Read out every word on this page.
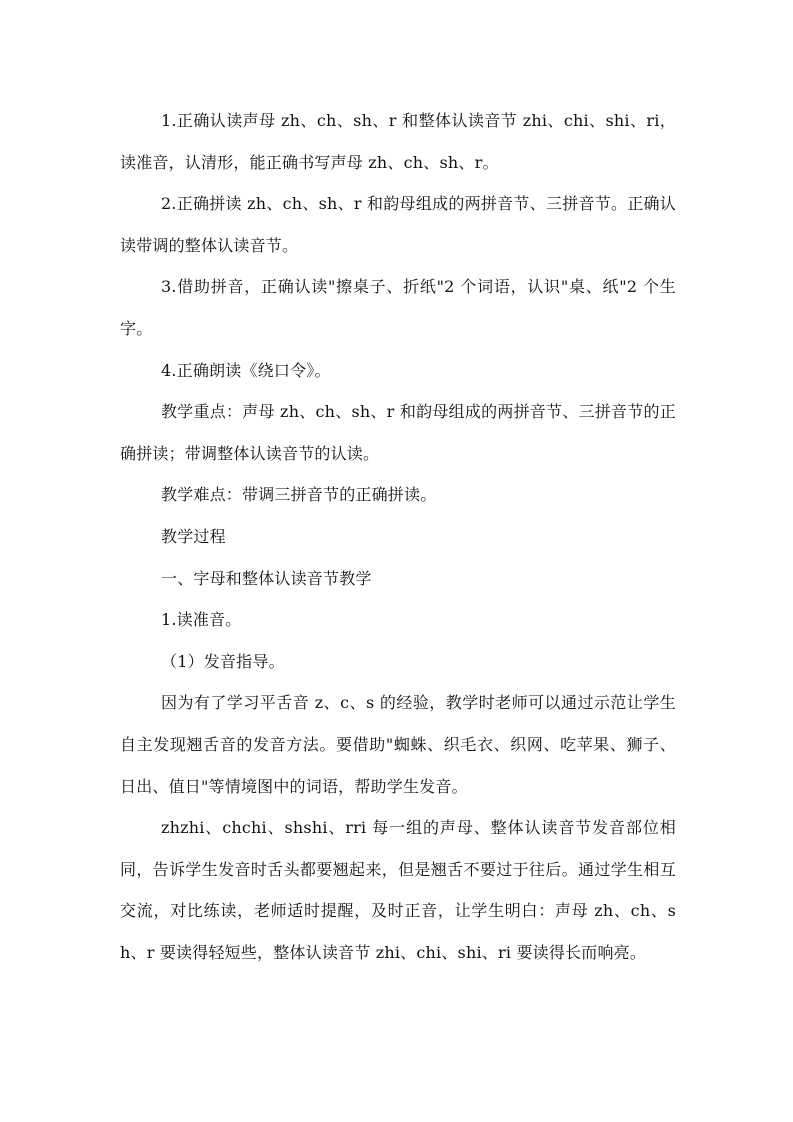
1.正确认读声母 zh、ch、sh、r 和整体认读音节 zhi、chi、shi、ri，读准音，认清形，能正确书写声母 zh、ch、sh、r。

2.正确拼读 zh、ch、sh、r 和韵母组成的两拼音节、三拼音节。正确认读带调的整体认读音节。

3.借助拼音，正确认读"擦桌子、折纸"2 个词语，认识"桌、纸"2 个生字。

4.正确朗读《绕口令》。

教学重点：声母 zh、ch、sh、r 和韵母组成的两拼音节、三拼音节的正确拼读；带调整体认读音节的认读。

教学难点：带调三拼音节的正确拼读。

教学过程

一、字母和整体认读音节教学

1.读准音。

（1）发音指导。

因为有了学习平舌音 z、c、s 的经验，教学时老师可以通过示范让学生自主发现翘舌音的发音方法。要借助"蜘蛛、织毛衣、织网、吃苹果、狮子、日出、值日"等情境图中的词语，帮助学生发音。

zhzhi、chchi、shshi、rri 每一组的声母、整体认读音节发音部位相同，告诉学生发音时舌头都要翘起来，但是翘舌不要过于往后。通过学生相互交流，对比练读，老师适时提醒，及时正音，让学生明白：声母 zh、ch、sh、r 要读得轻短些，整体认读音节 zhi、chi、shi、ri 要读得长而响亮。
